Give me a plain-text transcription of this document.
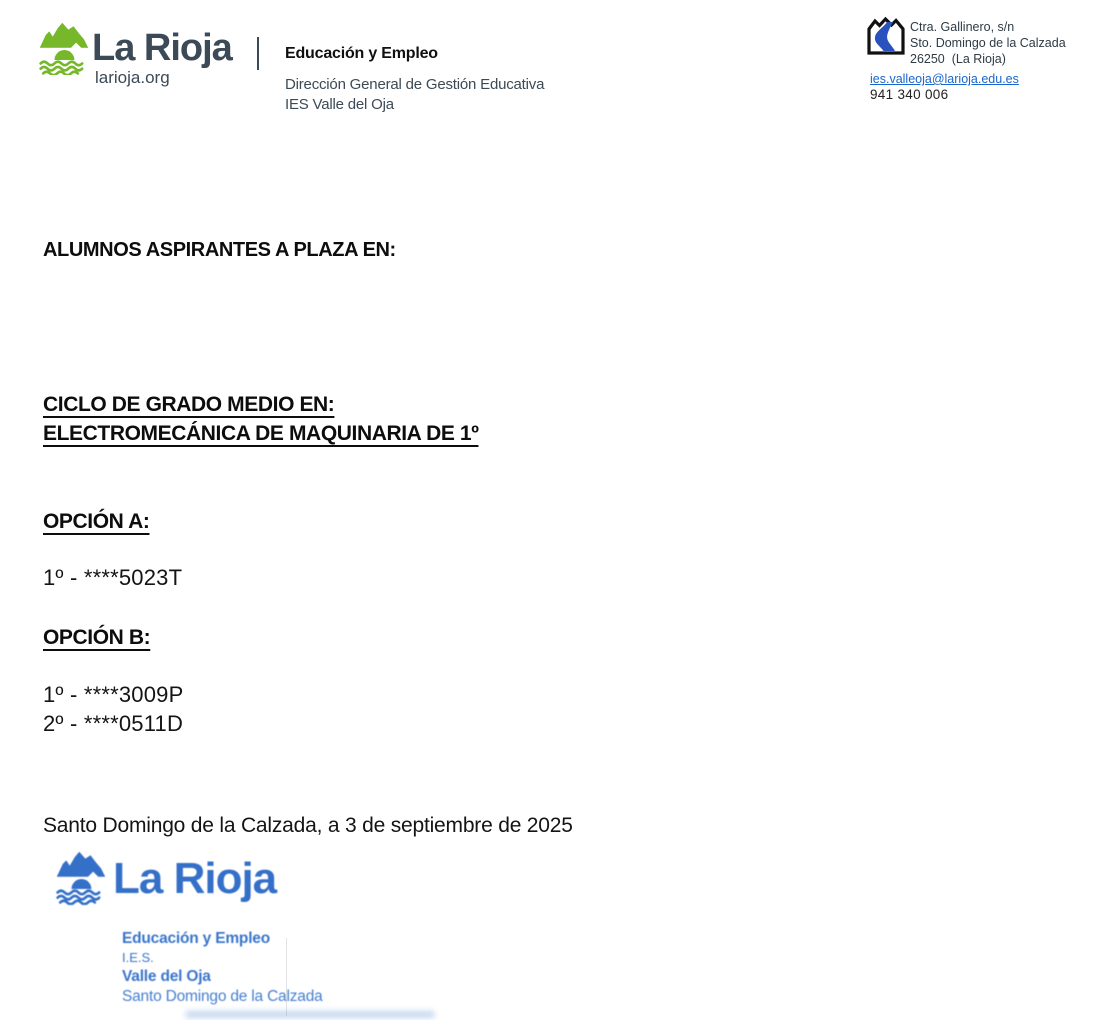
La Rioja
larioja.org
Educación y Empleo
Dirección General de Gestión Educativa
IES Valle del Oja
Ctra. Gallinero, s/n
Sto. Domingo de la Calzada
26250  (La Rioja)
ies.valleoja@larioja.edu.es
941 340 006
ALUMNOS ASPIRANTES A PLAZA EN:
CICLO DE GRADO MEDIO EN:
ELECTROMECÁNICA DE MAQUINARIA DE 1º
OPCIÓN A:
1º - ****5023T
OPCIÓN B:
1º - ****3009P
2º - ****0511D
Santo Domingo de la Calzada, a 3 de septiembre de 2025
La Rioja
Educación y Empleo
I.E.S.
Valle del Oja
Santo Domingo de la Calzada
